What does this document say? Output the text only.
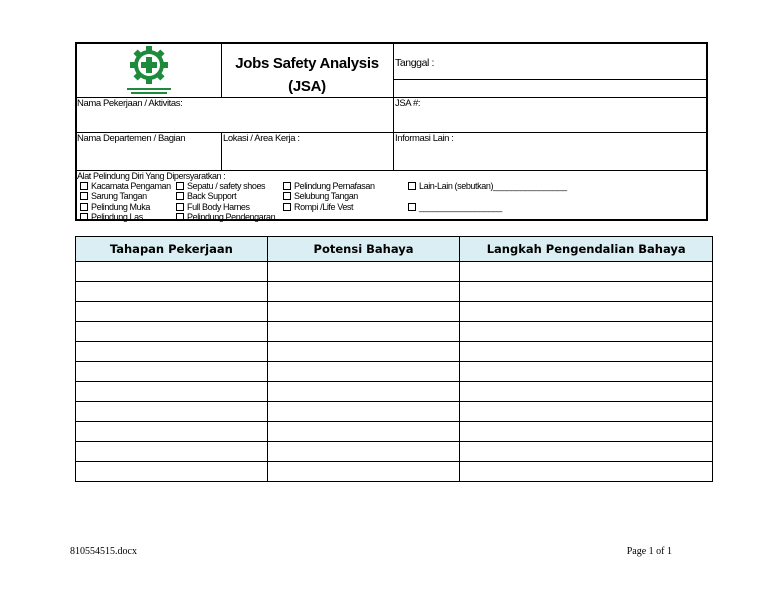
Jobs Safety Analysis
(JSA)
Tanggal :
Nama Pekerjaan / Aktivitas:	JSA #:
Nama Departemen / Bagian	Lokasi / Area Kerja :	Informasi Lain :
Alat Pelindung Diri Yang Dipersyaratkan :
Kacamata Pengaman
Sarung Tangan
Pelindung Muka
Pelindung Las
Sepatu / safety shoes
Back Support
Full Body Harnes
Pelindung Pendengaran
Pelindung Pernafasan
Selubung Tangan
Rompi /Life Vest
Lain-Lain (sebutkan)________________
__________________
Tahapan Pekerjaan	Potensi Bahaya	Langkah Pengendalian Bahaya

810554515.docx	Page 1 of 1
